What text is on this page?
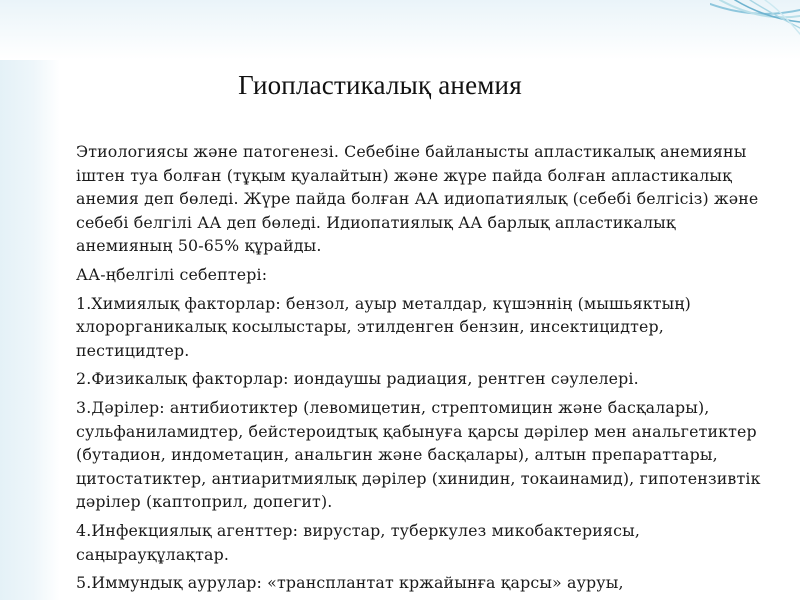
Гиопластикалық анемия

Этиологиясы және патогенезі. Себебіне байланысты апластикалық анемияны іштен туа болған (тұқым қуалайтын) және жүре пайда болған апластикалық анемия деп бөледі. Жүре пайда болған АА идиопатиялық (себебі белгісіз) және себебі белгілі АА деп бөледі. Идиопатиялық АА барлық апластикалық анемияның 50-65% құрайды.

АА-ңбелгілі себептері:

1.Химиялық факторлар: бензол, ауыр металдар, күшэннің (мышьяктың) хлорорганикалық косылыстары, этилденген бензин, инсектицидтер, пестицидтер.

2.Физикалық факторлар: иондаушы радиация, рентген сәулелері.

3.Дәрілер: антибиотиктер (левомицетин, стрептомицин және басқалары), сульфаниламидтер, бейстероидтық қабынуға қарсы дәрілер мен анальгетиктер (бутадион, индометацин, анальгин және басқалары), алтын препараттары, цитостатиктер, антиаритмиялық дәрілер (хинидин, токаинамид), гипотензивтік дәрілер (каптоприл, допегит).

4.Инфекциялық агенттер: вирустар, туберкулез микобактериясы, саңырауқұлақтар.

5.Иммундық аурулар: «трансплантат кржайынға қарсы» ауруы,
